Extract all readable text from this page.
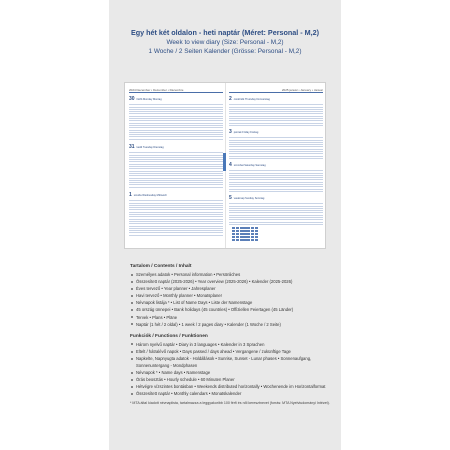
Egy hét két oldalon - heti naptár (Méret: Personal - M,2)
Week to view diary (Size: Personal - M,2)
1 Woche / 2 Seiten Kalender (Grösse: Personal - M,2)
2024 December • Dezember • Décembre
30 hétfő Monday Montag
31 kedd Tuesday Dienstag
1 szerda Wednesday Mittwoch
2025 január • January • Januar
2 csütörtök Thursday Donnerstag
3 péntek Friday Freitag
4 szombat Saturday Samstag
5 vasárnap Sunday Sonntag
Tartalom / Contents / Inhalt
Személyes adatok • Personal information • Persönliches
Összesített naptár (2025-2026) • Year overview (2025-2026) • Kalender (2025-2026)
Éves tervező • Year planner • Jahresplaner
Havi tervező • Monthly planner • Monatsplaner
Névnapok listája * • List of Name Days • Liste der Namenstage
45 ország ünnepei • Bank holidays (45 countries) • Offiziellen Feiertagen (45 Länder)
Tervek • Plans • Pläne
Naptár (1 hét / 2 oldal) • 1 week / 2 pages diary • Kalender (1 Woche / 2 Seite)
Funkciók / Functions / Funktionen
Három nyelvű naptár • Diary in 3 languages • Kalender in 3 Sprachen
Eltelt / hátralévő napok • Days passed / days ahead • Vergangene / zukünftige Tage
Napkelte, Napnyugta adatok - Holdállások • Sunrise, Sunset - Lunar phases • Sonnenaufgang, Sonnenuntergang - Mondphasen
Névnapok * • Name days • Namenstage
Órás beosztás • Hourly schedule • 60 Minuten Planer
Hétvégre vízszintes bontásban • Weekends distributed horizontally • Wochenende im Horizontalformat
Összesített naptár • Monthly calendars • Monatskalender
* MTA által kiadott névnaplista, tartalmazza a leggyakoribb 100 férfi és női keresztnevet (forrás: MTA Nyelvtudományi Intézet).
